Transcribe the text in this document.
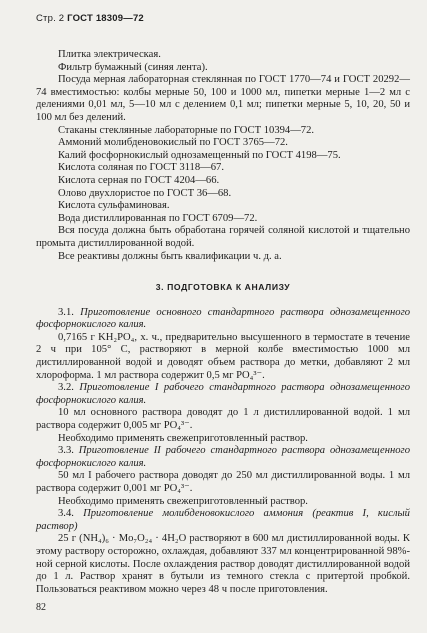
Стр. 2 ГОСТ 18309—72

Плитка электрическая.

Фильтр бумажный (синяя лента).

Посуда мерная лабораторная стеклянная по ГОСТ 1770—74 и ГОСТ 20292—74 вместимостью: колбы мерные 50, 100 и 1000 мл, пипетки мерные 1—2 мл с делениями 0,01 мл, 5—10 мл с делением 0,1 мл; пипетки мерные 5, 10, 20, 50 и 100 мл без делений.

Стаканы стеклянные лабораторные по ГОСТ 10394—72.

Аммоний молибденовокислый по ГОСТ 3765—72.

Калий фосфорнокислый однозамещенный по ГОСТ 4198—75.

Кислота соляная по ГОСТ 3118—67.

Кислота серная по ГОСТ 4204—66.

Олово двухлористое по ГОСТ 36—68.

Кислота сульфаминовая.

Вода дистиллированная по ГОСТ 6709—72.

Вся посуда должна быть обработана горячей соляной кислотой и тщательно промыта дистиллированной водой.

Все реактивы должны быть квалификации ч. д. а.

3. ПОДГОТОВКА К АНАЛИЗУ

3.1. Приготовление основного стандартного раствора однозамещенного фосфорнокислого калия.

0,7165 г KH₂PO₄, х. ч., предварительно высушенного в термостате в течение 2 ч при 105° С, растворяют в мерной колбе вместимостью 1000 мл дистиллированной водой и доводят объем раствора до метки, добавляют 2 мл хлороформа. 1 мл раствора содержит 0,5 мг PO₄³⁻.

3.2. Приготовление I рабочего стандартного раствора однозамещенного фосфорнокислого калия.

10 мл основного раствора доводят до 1 л дистиллированной водой. 1 мл раствора содержит 0,005 мг PO₄³⁻.

Необходимо применять свежеприготовленный раствор.

3.3. Приготовление II рабочего стандартного раствора однозамещенного фосфорнокислого калия.

50 мл I рабочего раствора доводят до 250 мл дистиллированной воды. 1 мл раствора содержит 0,001 мг PO₄³⁻.

Необходимо применять свежеприготовленный раствор.

3.4. Приготовление молибденовокислого аммония (реактив I, кислый раствор)

25 г (NH₄)₆ · Mo₇O₂₄ · 4H₂O растворяют в 600 мл дистиллированной воды. К этому раствору осторожно, охлаждая, добавляют 337 мл концентрированной 98%-ной серной кислоты. После охлаждения раствор доводят дистиллированной водой до 1 л. Раствор хранят в бутыли из темного стекла с притертой пробкой. Пользоваться реактивом можно через 48 ч после приготовления.

82
